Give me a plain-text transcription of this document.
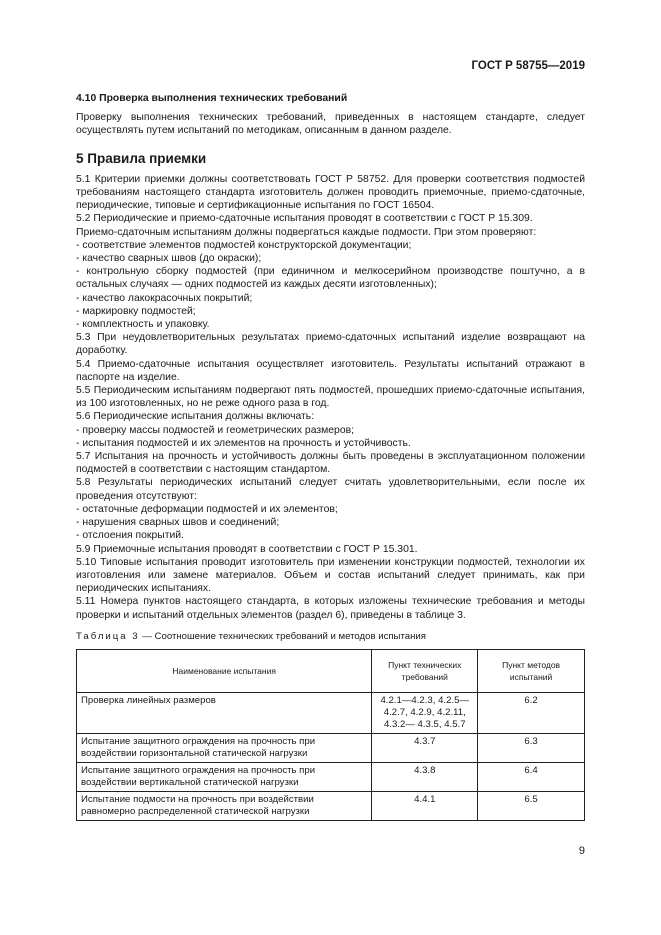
ГОСТ Р 58755—2019
4.10 Проверка выполнения технических требований

Проверку выполнения технических требований, приведенных в настоящем стандарте, следует осуществлять путем испытаний по методикам, описанным в данном разделе.

5 Правила приемки

5.1 Критерии приемки должны соответствовать ГОСТ Р 58752. Для проверки соответствия подмостей требованиям настоящего стандарта изготовитель должен проводить приемочные, приемо-сдаточные, периодические, типовые и сертификационные испытания по ГОСТ 16504.

5.2 Периодические и приемо-сдаточные испытания проводят в соответствии с ГОСТ Р 15.309.

Приемо-сдаточным испытаниям должны подвергаться каждые подмости. При этом проверяют:

- соответствие элементов подмостей конструкторской документации;

- качество сварных швов (до окраски);

- контрольную сборку подмостей (при единичном и мелкосерийном производстве поштучно, а в остальных случаях — одних подмостей из каждых десяти изготовленных);

- качество лакокрасочных покрытий;

- маркировку подмостей;

- комплектность и упаковку.

5.3 При неудовлетворительных результатах приемо-сдаточных испытаний изделие возвращают на доработку.

5.4 Приемо-сдаточные испытания осуществляет изготовитель. Результаты испытаний отражают в паспорте на изделие.

5.5 Периодическим испытаниям подвергают пять подмостей, прошедших приемо-сдаточные испытания, из 100 изготовленных, но не реже одного раза в год.

5.6 Периодические испытания должны включать:

- проверку массы подмостей и геометрических размеров;

- испытания подмостей и их элементов на прочность и устойчивость.

5.7 Испытания на прочность и устойчивость должны быть проведены в эксплуатационном положении подмостей в соответствии с настоящим стандартом.

5.8 Результаты периодических испытаний следует считать удовлетворительными, если после их проведения отсутствуют:

- остаточные деформации подмостей и их элементов;

- нарушения сварных швов и соединений;

- отслоения покрытий.

5.9 Приемочные испытания проводят в соответствии с ГОСТ Р 15.301.

5.10 Типовые испытания проводит изготовитель при изменении конструкции подмостей, технологии их изготовления или замене материалов. Объем и состав испытаний следует принимать, как при периодических испытаниях.

5.11 Номера пунктов настоящего стандарта, в которых изложены технические требования и методы проверки и испытаний отдельных элементов (раздел 6), приведены в таблице 3.

Таблица 3 — Соотношение технических требований и методов испытания
Наименование испытания	Пункт технических требований	Пункт методов испытаний
Проверка линейных размеров	4.2.1—4.2.3, 4.2.5—4.2.7, 4.2.9, 4.2.11, 4.3.2— 4.3.5, 4.5.7	6.2
Испытание защитного ограждения на прочность при воздействии горизонтальной статической нагрузки	4.3.7	6.3
Испытание защитного ограждения на прочность при воздействии вертикальной статической нагрузки	4.3.8	6.4
Испытание подмости на прочность при воздействии равномерно распределенной статической нагрузки	4.4.1	6.5
9
